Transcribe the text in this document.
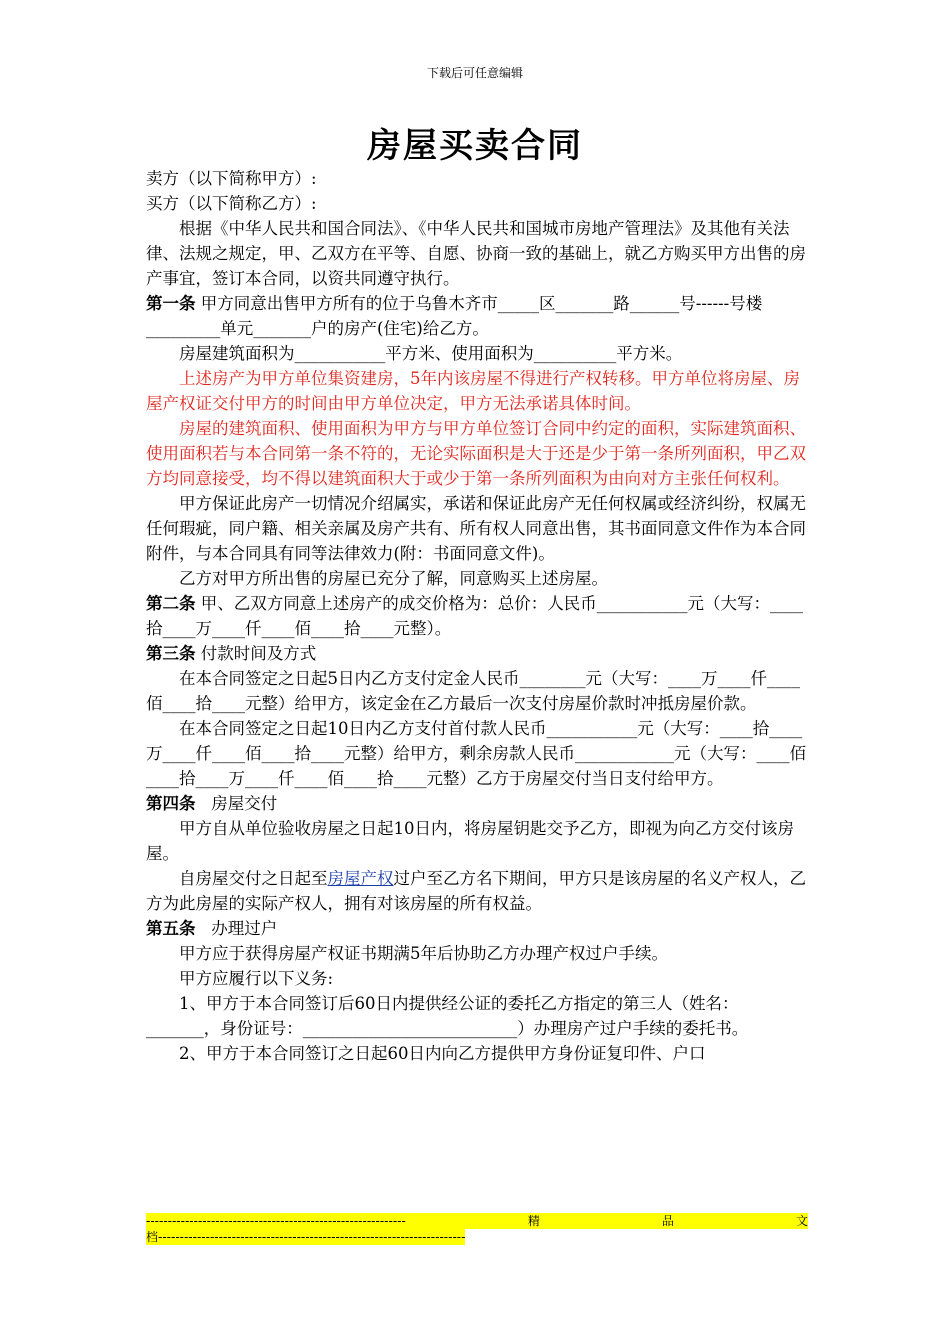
下载后可任意编辑
房屋买卖合同

卖方（以下简称甲方）:

买方（以下简称乙方）:

根据《中华人民共和国合同法》、《中华人民共和国城市房地产管理法》及其他有关法律、法规之规定，甲、乙双方在平等、自愿、协商一致的基础上，就乙方购买甲方出售的房产事宜，签订本合同，以资共同遵守执行。

第一条 甲方同意出售甲方所有的位于乌鲁木齐市_____区_______路______号------号楼_________单元_______户的房产(住宅)给乙方。

房屋建筑面积为___________平方米、使用面积为__________平方米。

上述房产为甲方单位集资建房，5年内该房屋不得进行产权转移。甲方单位将房屋、房屋产权证交付甲方的时间由甲方单位决定，甲方无法承诺具体时间。

房屋的建筑面积、使用面积为甲方与甲方单位签订合同中约定的面积，实际建筑面积、使用面积若与本合同第一条不符的，无论实际面积是大于还是少于第一条所列面积，甲乙双方均同意接受，均不得以建筑面积大于或少于第一条所列面积为由向对方主张任何权利。

甲方保证此房产一切情况介绍属实，承诺和保证此房产无任何权属或经济纠纷，权属无任何瑕疵，同户籍、相关亲属及房产共有、所有权人同意出售，其书面同意文件作为本合同附件，与本合同具有同等法律效力(附：书面同意文件)。

乙方对甲方所出售的房屋已充分了解，同意购买上述房屋。

第二条 甲、乙双方同意上述房产的成交价格为：总价：人民币___________元（大写：____拾____万____仟____佰____拾____元整）。

第三条 付款时间及方式

在本合同签定之日起5日内乙方支付定金人民币________元（大写：____万____仟____佰____拾____元整）给甲方，该定金在乙方最后一次支付房屋价款时冲抵房屋价款。

在本合同签定之日起10日内乙方支付首付款人民币___________元（大写：____拾____万____仟____佰____拾____元整）给甲方，剩余房款人民币____________元（大写：____佰____拾____万____仟____佰____拾____元整）乙方于房屋交付当日支付给甲方。

第四条 房屋交付

甲方自从单位验收房屋之日起10日内，将房屋钥匙交予乙方，即视为向乙方交付该房屋。

自房屋交付之日起至房屋产权过户至乙方名下期间，甲方只是该房屋的名义产权人，乙方为此房屋的实际产权人，拥有对该房屋的所有权益。

第五条 办理过户

甲方应于获得房屋产权证书期满5年后协助乙方办理产权过户手续。

甲方应履行以下义务:

1、甲方于本合同签订后60日内提供经公证的委托乙方指定的第三人（姓名：_______，身份证号：__________________________）办理房产过户手续的委托书。

2、甲方于本合同签订之日起60日内向乙方提供甲方身份证复印件、户口

------------------------------------------------------------	精	品	文
档-----------------------------------------------------------------------
